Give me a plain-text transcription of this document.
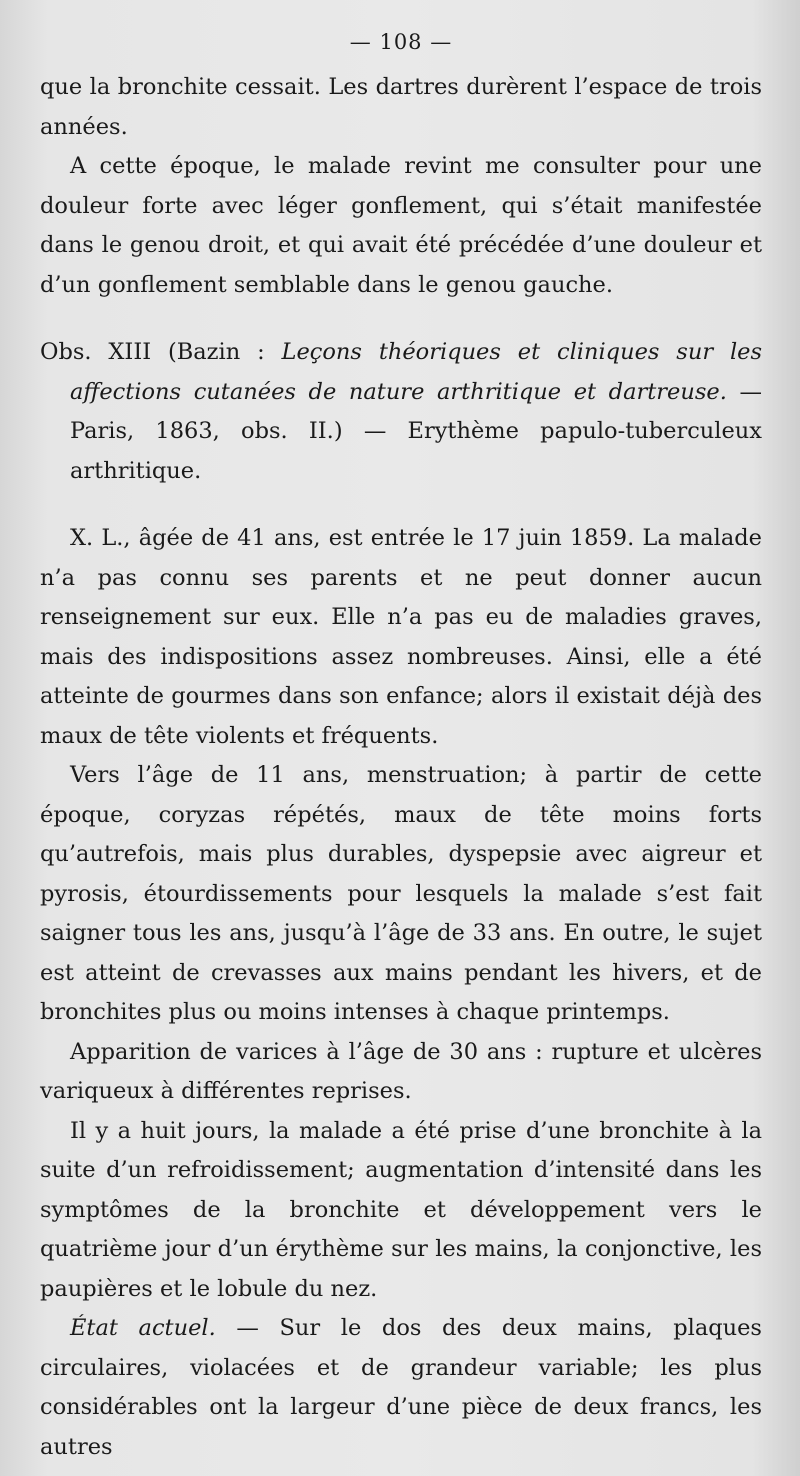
— 108 —

que la bronchite cessait. Les dartres durèrent l’espace de trois années.

A cette époque, le malade revint me consulter pour une douleur forte avec léger gonflement, qui s’était manifestée dans le genou droit, et qui avait été précédée d’une douleur et d’un gonflement semblable dans le genou gauche.

Obs. XIII (Bazin : Leçons théoriques et cliniques sur les affections cutanées de nature arthritique et dartreuse. — Paris, 1863, obs. II.) — Erythème papulo-tuberculeux arthritique.

X. L., âgée de 41 ans, est entrée le 17 juin 1859. La malade n’a pas connu ses parents et ne peut donner aucun renseignement sur eux. Elle n’a pas eu de maladies graves, mais des indispositions assez nombreuses. Ainsi, elle a été atteinte de gourmes dans son enfance; alors il existait déjà des maux de tête violents et fréquents.

Vers l’âge de 11 ans, menstruation; à partir de cette époque, coryzas répétés, maux de tête moins forts qu’autrefois, mais plus durables, dyspepsie avec aigreur et pyrosis, étourdissements pour lesquels la malade s’est fait saigner tous les ans, jusqu’à l’âge de 33 ans. En outre, le sujet est atteint de crevasses aux mains pendant les hivers, et de bronchites plus ou moins intenses à chaque printemps.

Apparition de varices à l’âge de 30 ans : rupture et ulcères variqueux à différentes reprises.

Il y a huit jours, la malade a été prise d’une bronchite à la suite d’un refroidissement; augmentation d’intensité dans les symptômes de la bronchite et développement vers le quatrième jour d’un érythème sur les mains, la conjonctive, les paupières et le lobule du nez.

État actuel. — Sur le dos des deux mains, plaques circulaires, violacées et de grandeur variable; les plus considérables ont la largeur d’une pièce de deux francs, les autres
